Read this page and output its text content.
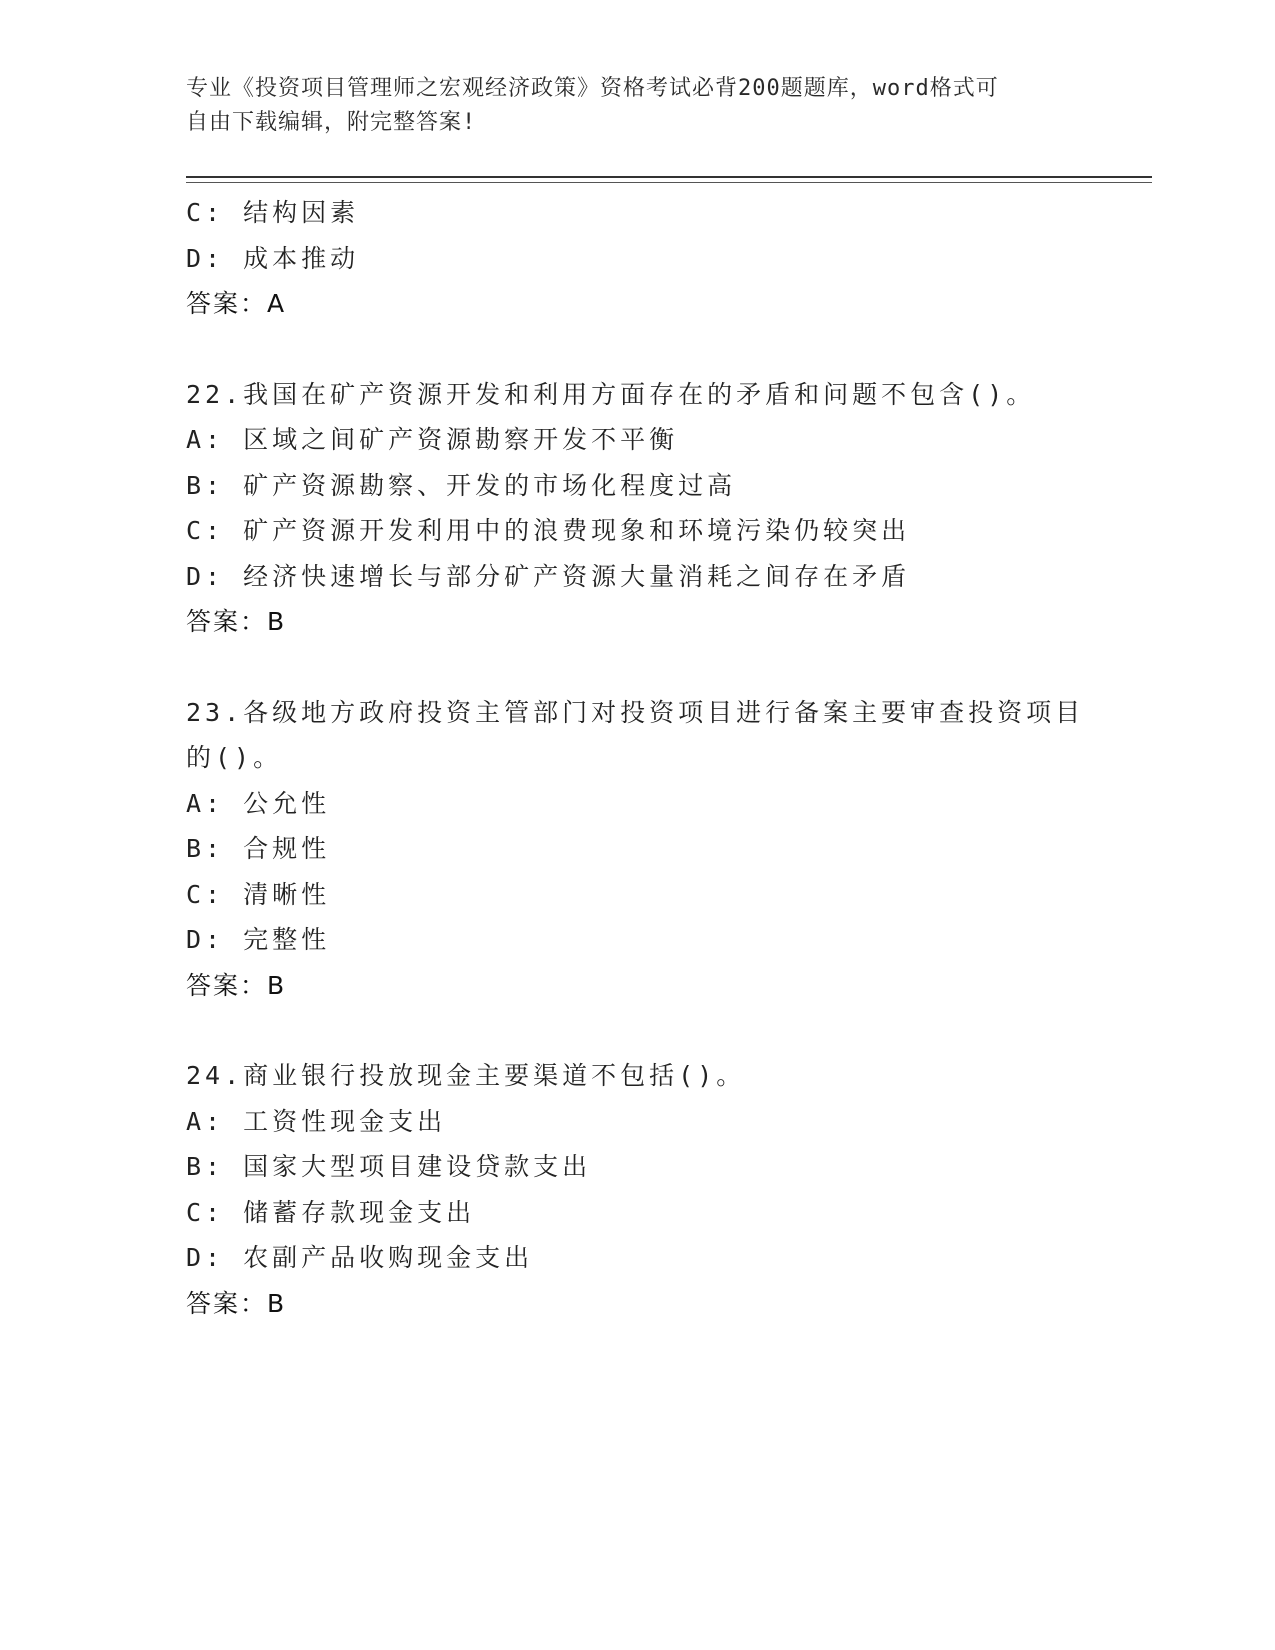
专业《投资项目管理师之宏观经济政策》资格考试必背200题题库，word格式可
自由下载编辑，附完整答案!
C: 结构因素
D: 成本推动
答案：A
22.我国在矿产资源开发和利用方面存在的矛盾和问题不包含()。
A: 区域之间矿产资源勘察开发不平衡
B: 矿产资源勘察、开发的市场化程度过高
C: 矿产资源开发利用中的浪费现象和环境污染仍较突出
D: 经济快速增长与部分矿产资源大量消耗之间存在矛盾
答案：B
23.各级地方政府投资主管部门对投资项目进行备案主要审查投资项目
的()。
A: 公允性
B: 合规性
C: 清晰性
D: 完整性
答案：B
24.商业银行投放现金主要渠道不包括()。
A: 工资性现金支出
B: 国家大型项目建设贷款支出
C: 储蓄存款现金支出
D: 农副产品收购现金支出
答案：B
